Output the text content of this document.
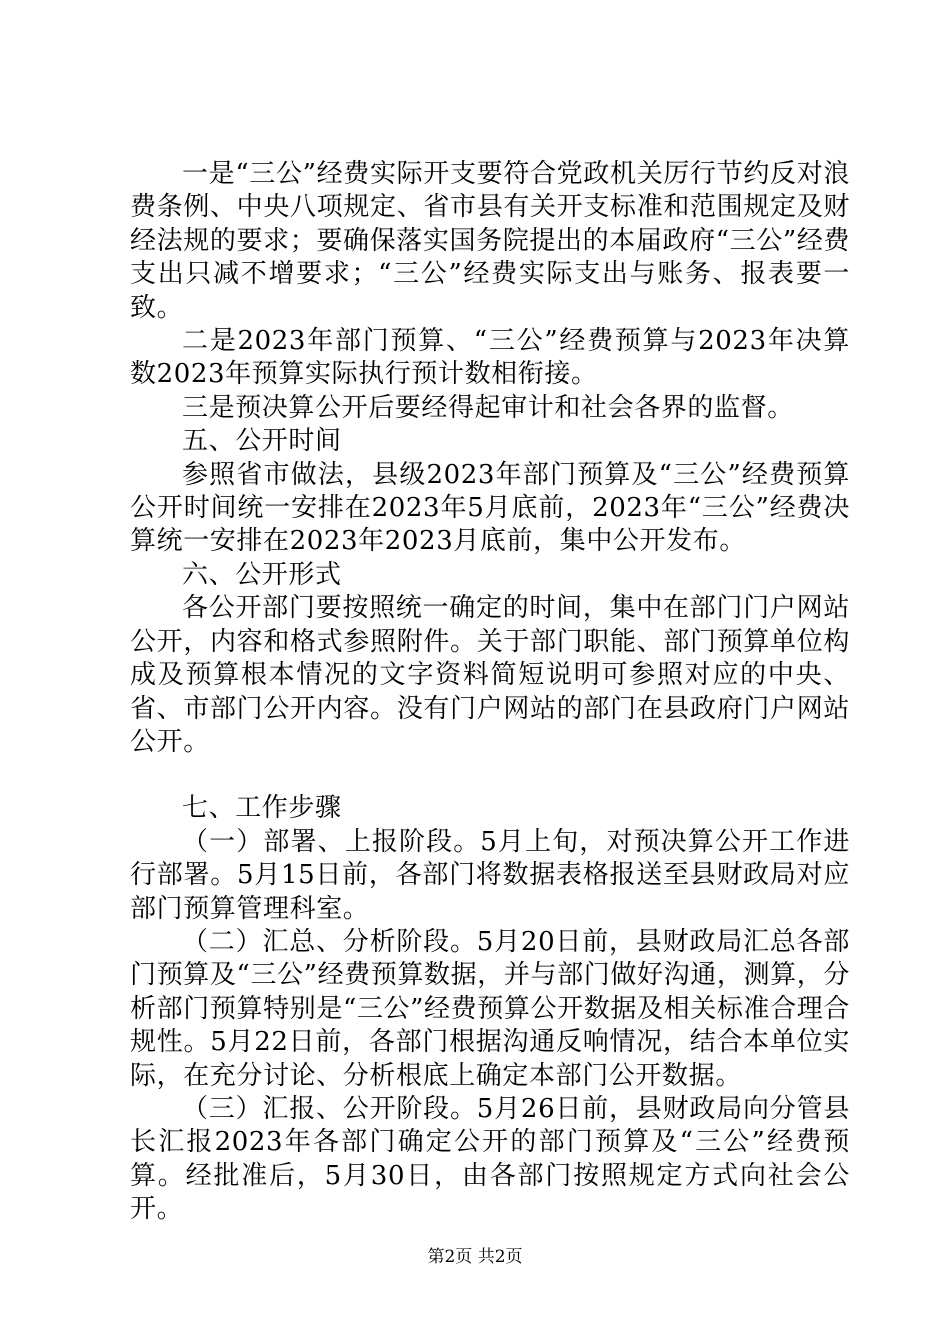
一是“三公”经费实际开支要符合党政机关厉行节约反对浪费条例、中央八项规定、省市县有关开支标准和范围规定及财经法规的要求；要确保落实国务院提出的本届政府“三公”经费支出只减不增要求；“三公”经费实际支出与账务、报表要一致。

二是2023年部门预算、“三公”经费预算与2023年决算数2023年预算实际执行预计数相衔接。

三是预决算公开后要经得起审计和社会各界的监督。

五、公开时间

参照省市做法，县级2023年部门预算及“三公”经费预算公开时间统一安排在2023年5月底前，2023年“三公”经费决算统一安排在2023年2023月底前，集中公开发布。

六、公开形式

各公开部门要按照统一确定的时间，集中在部门门户网站公开，内容和格式参照附件。关于部门职能、部门预算单位构成及预算根本情况的文字资料简短说明可参照对应的中央、省、市部门公开内容。没有门户网站的部门在县政府门户网站公开。

七、工作步骤

（一）部署、上报阶段。5月上旬，对预决算公开工作进行部署。5月15日前，各部门将数据表格报送至县财政局对应部门预算管理科室。

（二）汇总、分析阶段。5月20日前，县财政局汇总各部门预算及“三公”经费预算数据，并与部门做好沟通，测算，分析部门预算特别是“三公”经费预算公开数据及相关标准合理合规性。5月22日前，各部门根据沟通反响情况，结合本单位实际，在充分讨论、分析根底上确定本部门公开数据。

（三）汇报、公开阶段。5月26日前，县财政局向分管县长汇报2023年各部门确定公开的部门预算及“三公”经费预算。经批准后，5月30日，由各部门按照规定方式向社会公开。

第2页 共2页
